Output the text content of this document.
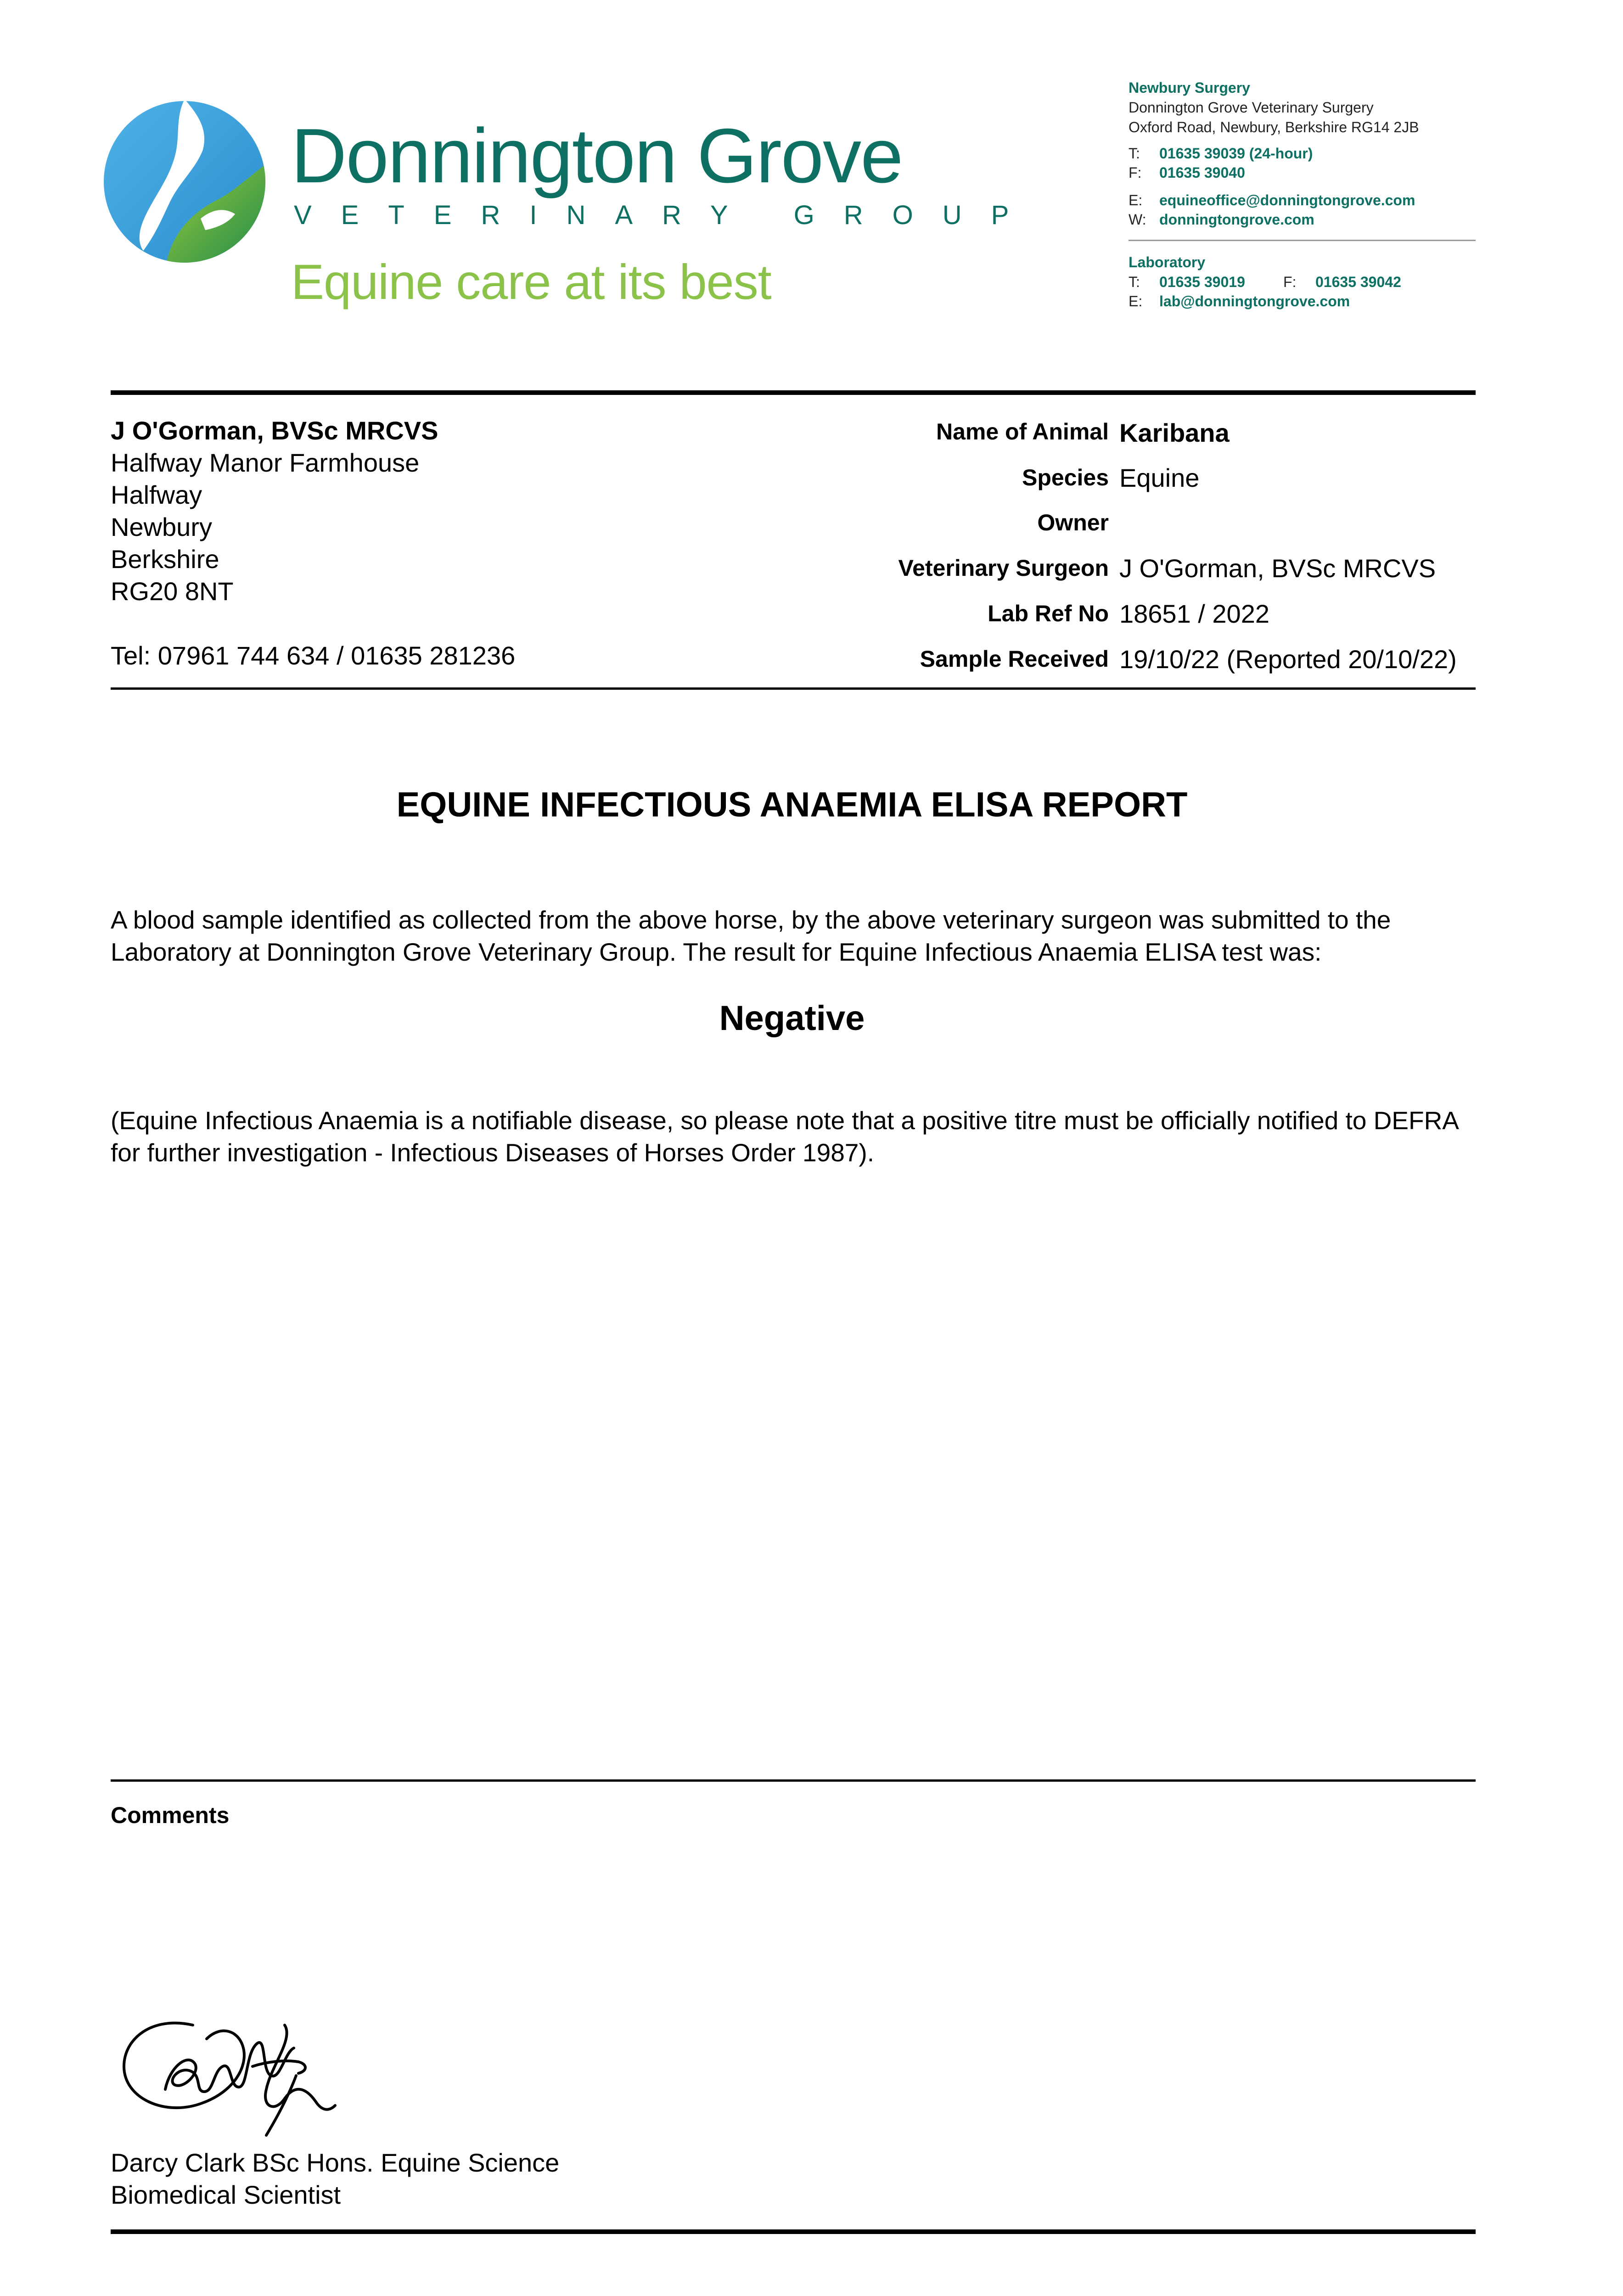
Donnington Grove
VETERINARY GROUP
Equine care at its best
Newbury Surgery
Donnington Grove Veterinary Surgery
Oxford Road, Newbury, Berkshire RG14 2JB
T: 01635 39039 (24-hour)
F: 01635 39040
E: equineoffice@donningtongrove.com
W: donningtongrove.com
Laboratory
T: 01635 39019	F: 01635 39042
E: lab@donningtongrove.com
J O'Gorman, BVSc MRCVS
Halfway Manor Farmhouse
Halfway
Newbury
Berkshire
RG20 8NT
Tel: 07961 744 634 / 01635 281236
Name of Animal Karibana
Species Equine
Owner
Veterinary Surgeon J O'Gorman, BVSc MRCVS
Lab Ref No 18651 / 2022
Sample Received 19/10/22 (Reported 20/10/22)
EQUINE INFECTIOUS ANAEMIA ELISA REPORT
A blood sample identified as collected from the above horse, by the above veterinary surgeon was submitted to the Laboratory at Donnington Grove Veterinary Group. The result for Equine Infectious Anaemia ELISA test was:
Negative
(Equine Infectious Anaemia is a notifiable disease, so please note that a positive titre must be officially notified to DEFRA for further investigation - Infectious Diseases of Horses Order 1987).
Comments
Darcy Clark BSc Hons. Equine Science
Biomedical Scientist
